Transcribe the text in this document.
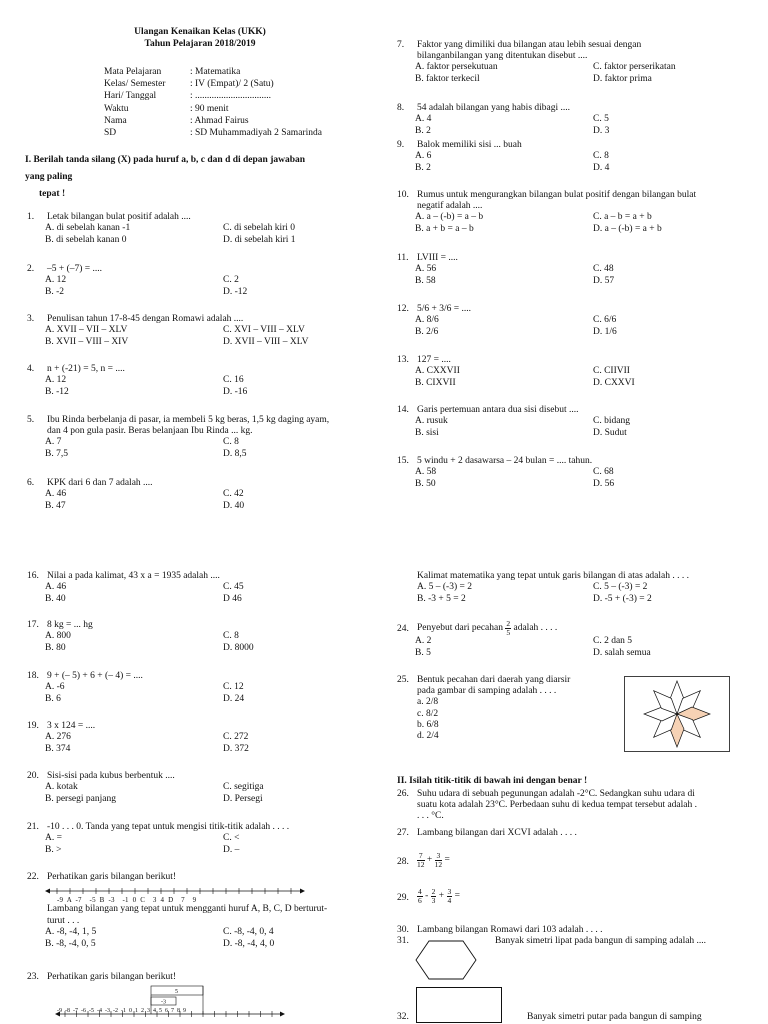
Ulangan Kenaikan Kelas (UKK)
Tahun Pelajaran 2018/2019
Mata Pelajaran	: Matematika
Kelas/ Semester	: IV (Empat)/ 2 (Satu)
Hari/ Tanggal	: ................................
Waktu	: 90 menit
Nama	: Ahmad Fairus
SD	: SD Muhammadiyah 2 Samarinda
I. Berilah tanda silang (X) pada huruf a, b, c dan d di depan jawaban
yang paling
tepat !
1. Letak bilangan bulat positif adalah ....
A. di sebelah kanan -1	C. di sebelah kiri 0
B. di sebelah kanan 0	D. di sebelah kiri 1
2. –5 + (–7) = ....
A. 12	C. 2
B. -2	D. -12
3. Penulisan tahun 17-8-45 dengan Romawi adalah ....
A. XVII – VII – XLV	C. XVI – VIII – XLV
B. XVII – VIII – XIV	D. XVII – VIII – XLV
4. n + (-21) = 5, n = ....
A. 12	C. 16
B. -12	D. -16
5. Ibu Rinda berbelanja di pasar, ia membeli 5 kg beras, 1,5 kg daging ayam,
dan 4 pon gula pasir. Beras belanjaan Ibu Rinda ... kg.
A. 7	C. 8
B. 7,5	D. 8,5
6. KPK dari 6 dan 7 adalah ....
A. 46	C. 42
B. 47	D. 40
7. Faktor yang dimiliki dua bilangan atau lebih sesuai dengan
bilanganbilangan yang ditentukan disebut ....
A. faktor persekutuan	C. faktor perserikatan
B. faktor terkecil	D. faktor prima
8. 54 adalah bilangan yang habis dibagi ....
A. 4	C. 5
B. 2	D. 3
9. Balok memiliki sisi ... buah
A. 6	C. 8
B. 2	D. 4
10. Rumus untuk mengurangkan bilangan bulat positif dengan bilangan bulat
negatif adalah ....
A. a – (-b) = a – b	C. a – b = a + b
B. a + b = a – b	D. a – (-b) = a + b
11. LVIII = ....
A. 56	C. 48
B. 58	D. 57
12. 5/6 + 3/6 = ....
A. 8/6	C. 6/6
B. 2/6	D. 1/6
13. 127 = ....
A. CXXVII	C. CIIVII
B. CIXVII	D. CXXVI
14. Garis pertemuan antara dua sisi disebut ....
A. rusuk	C. bidang
B. sisi	D. Sudut
15. 5 windu + 2 dasawarsa – 24 bulan = .... tahun.
A. 58	C. 68
B. 50	D. 56
16. Nilai a pada kalimat, 43 x a = 1935 adalah ....
A. 46	C. 45
B. 40	D 46
17. 8 kg = ... hg
A. 800	C. 8
B. 80	D. 8000
18. 9 + (– 5) + 6 + (– 4) = ....
A. -6	C. 12
B. 6	D. 24
19. 3 x 124 = ....
A. 276	C. 272
B. 374	D. 372
20. Sisi-sisi pada kubus berbentuk ....
A. kotak	C. segitiga
B. persegi panjang	D. Persegi
21. -10 . . . 0. Tanda yang tepat untuk mengisi titik-titik adalah . . . .
A. =	C. <
B. >	D. –
22. Perhatikan garis bilangan berikut!
-9  A  -7    -5  B  -3    -1  0  C    3  4  D    7    9
Lambang bilangan yang tepat untuk mengganti huruf A, B, C, D berturut-
turut . . .
A. -8, -4, 1, 5	C. -8, -4, 0, 4
B. -8, -4, 0, 5	D. -8, -4, 4, 0
23. Perhatikan garis bilangan berikut!
5
-3
-9  -8  -7  -6  -5  -4  -3  -2  -1  0  1  2  3  4  5  6  7  8  9
Kalimat matematika yang tepat untuk garis bilangan di atas adalah . . . .
A. 5 – (-3) = 2	C. 5 – (-3) = 2
B. -3 + 5 = 2	D. -5 + (-3) = 2
24. Penyebut dari pecahan $\frac{2}{5}$ adalah . . . .
A. 2	C. 2 dan 5
B. 5	D. salah semua
25. Bentuk pecahan dari daerah yang diarsir
pada gambar di samping adalah . . . .
a. 2/8
c. 8/2
b. 6/8
d. 2/4
II. Isilah titik-titik di bawah ini dengan benar !
26. Suhu udara di sebuah pegunungan adalah -2°C. Sedangkan suhu udara di
suatu kota adalah 23°C. Perbedaan suhu di kedua tempat tersebut adalah .
. . . °C.
27. Lambang bilangan dari XCVI adalah . . . .
28. $\frac{7}{12} + \frac{3}{12}$ =
29. $\frac{4}{6} - \frac{2}{3} + \frac{3}{4}$ =
30. Lambang bilangan Romawi dari 103 adalah . . . .
31.	Banyak simetri lipat pada bangun di samping adalah ....
32.	Banyak simetri putar pada bangun di samping
